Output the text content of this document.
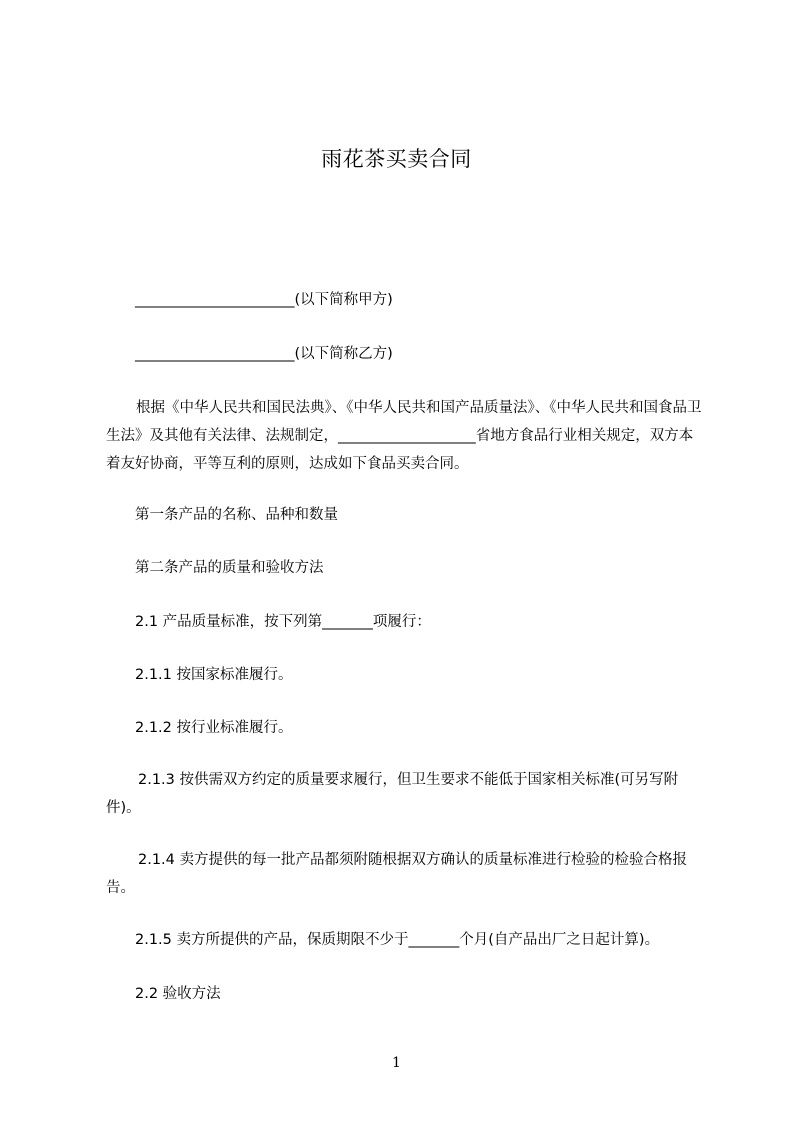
雨花茶买卖合同
______________________(以下简称甲方)
______________________(以下简称乙方)
根据《中华人民共和国民法典》、《中华人民共和国产品质量法》、《中华人民共和国食品卫生法》及其他有关法律、法规制定，___________________省地方食品行业相关规定，双方本着友好协商，平等互利的原则，达成如下食品买卖合同。
第一条产品的名称、品种和数量
第二条产品的质量和验收方法
2.1 产品质量标准，按下列第_______项履行：
2.1.1 按国家标准履行。
2.1.2 按行业标准履行。
2.1.3 按供需双方约定的质量要求履行，但卫生要求不能低于国家相关标准(可另写附件)。
2.1.4 卖方提供的每一批产品都须附随根据双方确认的质量标准进行检验的检验合格报告。
2.1.5 卖方所提供的产品，保质期限不少于_______个月(自产品出厂之日起计算)。
2.2 验收方法
1
